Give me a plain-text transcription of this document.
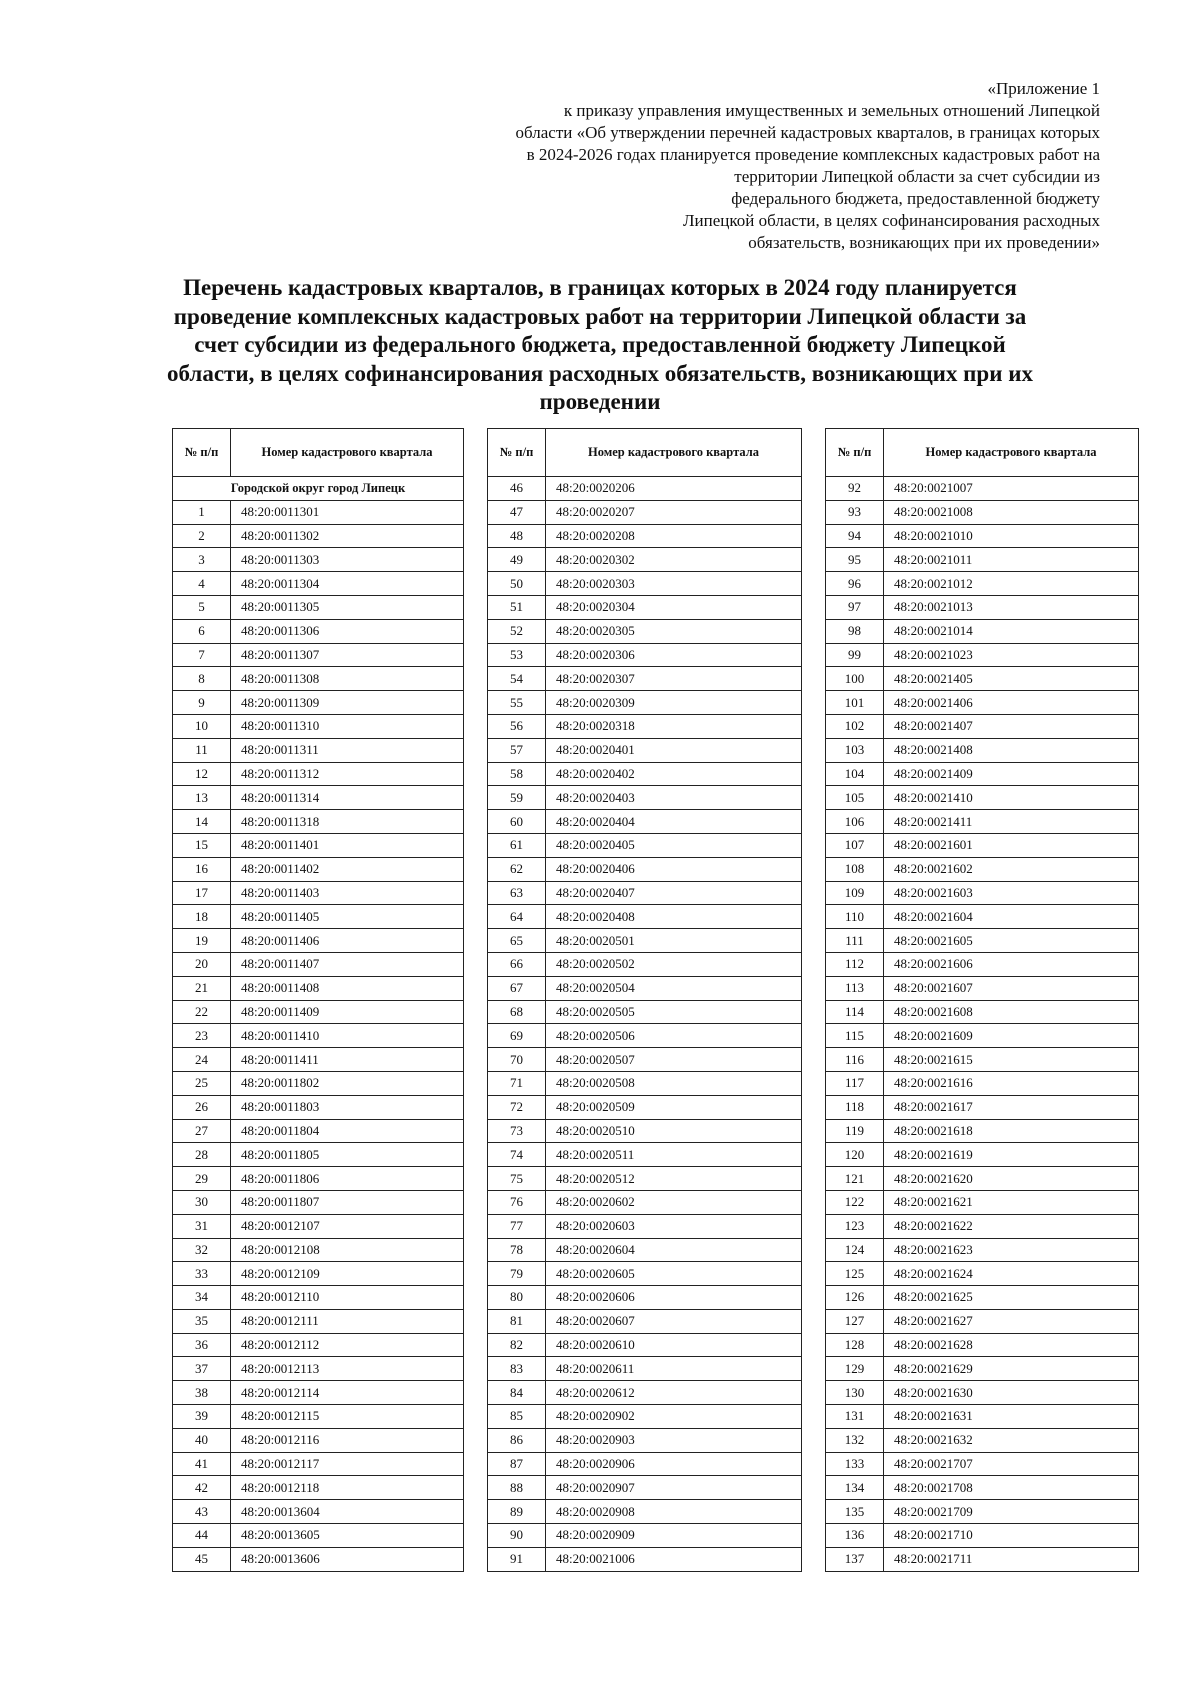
«Приложение 1
к приказу управления имущественных и земельных отношений Липецкой
области «Об утверждении перечней кадастровых кварталов, в границах которых
в 2024-2026 годах планируется проведение комплексных кадастровых работ на
территории Липецкой области за счет субсидии из
федерального бюджета, предоставленной бюджету
Липецкой области, в целях софинансирования расходных
обязательств, возникающих при их проведении»
Перечень кадастровых кварталов, в границах которых в 2024 году планируется
проведение комплексных кадастровых работ на территории Липецкой области за
счет субсидии из федерального бюджета, предоставленной бюджету Липецкой
области, в целях софинансирования расходных обязательств, возникающих при их
проведении
№ п/п	Номер кадастрового квартала
Городской округ город Липецк	
1	48:20:0011301
2	48:20:0011302
3	48:20:0011303
4	48:20:0011304
5	48:20:0011305
6	48:20:0011306
7	48:20:0011307
8	48:20:0011308
9	48:20:0011309
10	48:20:0011310
11	48:20:0011311
12	48:20:0011312
13	48:20:0011314
14	48:20:0011318
15	48:20:0011401
16	48:20:0011402
17	48:20:0011403
18	48:20:0011405
19	48:20:0011406
20	48:20:0011407
21	48:20:0011408
22	48:20:0011409
23	48:20:0011410
24	48:20:0011411
25	48:20:0011802
26	48:20:0011803
27	48:20:0011804
28	48:20:0011805
29	48:20:0011806
30	48:20:0011807
31	48:20:0012107
32	48:20:0012108
33	48:20:0012109
34	48:20:0012110
35	48:20:0012111
36	48:20:0012112
37	48:20:0012113
38	48:20:0012114
39	48:20:0012115
40	48:20:0012116
41	48:20:0012117
42	48:20:0012118
43	48:20:0013604
44	48:20:0013605
45	48:20:0013606
№ п/п	Номер кадастрового квартала
46	48:20:0020206
47	48:20:0020207
48	48:20:0020208
49	48:20:0020302
50	48:20:0020303
51	48:20:0020304
52	48:20:0020305
53	48:20:0020306
54	48:20:0020307
55	48:20:0020309
56	48:20:0020318
57	48:20:0020401
58	48:20:0020402
59	48:20:0020403
60	48:20:0020404
61	48:20:0020405
62	48:20:0020406
63	48:20:0020407
64	48:20:0020408
65	48:20:0020501
66	48:20:0020502
67	48:20:0020504
68	48:20:0020505
69	48:20:0020506
70	48:20:0020507
71	48:20:0020508
72	48:20:0020509
73	48:20:0020510
74	48:20:0020511
75	48:20:0020512
76	48:20:0020602
77	48:20:0020603
78	48:20:0020604
79	48:20:0020605
80	48:20:0020606
81	48:20:0020607
82	48:20:0020610
83	48:20:0020611
84	48:20:0020612
85	48:20:0020902
86	48:20:0020903
87	48:20:0020906
88	48:20:0020907
89	48:20:0020908
90	48:20:0020909
91	48:20:0021006
№ п/п	Номер кадастрового квартала
92	48:20:0021007
93	48:20:0021008
94	48:20:0021010
95	48:20:0021011
96	48:20:0021012
97	48:20:0021013
98	48:20:0021014
99	48:20:0021023
100	48:20:0021405
101	48:20:0021406
102	48:20:0021407
103	48:20:0021408
104	48:20:0021409
105	48:20:0021410
106	48:20:0021411
107	48:20:0021601
108	48:20:0021602
109	48:20:0021603
110	48:20:0021604
111	48:20:0021605
112	48:20:0021606
113	48:20:0021607
114	48:20:0021608
115	48:20:0021609
116	48:20:0021615
117	48:20:0021616
118	48:20:0021617
119	48:20:0021618
120	48:20:0021619
121	48:20:0021620
122	48:20:0021621
123	48:20:0021622
124	48:20:0021623
125	48:20:0021624
126	48:20:0021625
127	48:20:0021627
128	48:20:0021628
129	48:20:0021629
130	48:20:0021630
131	48:20:0021631
132	48:20:0021632
133	48:20:0021707
134	48:20:0021708
135	48:20:0021709
136	48:20:0021710
137	48:20:0021711
